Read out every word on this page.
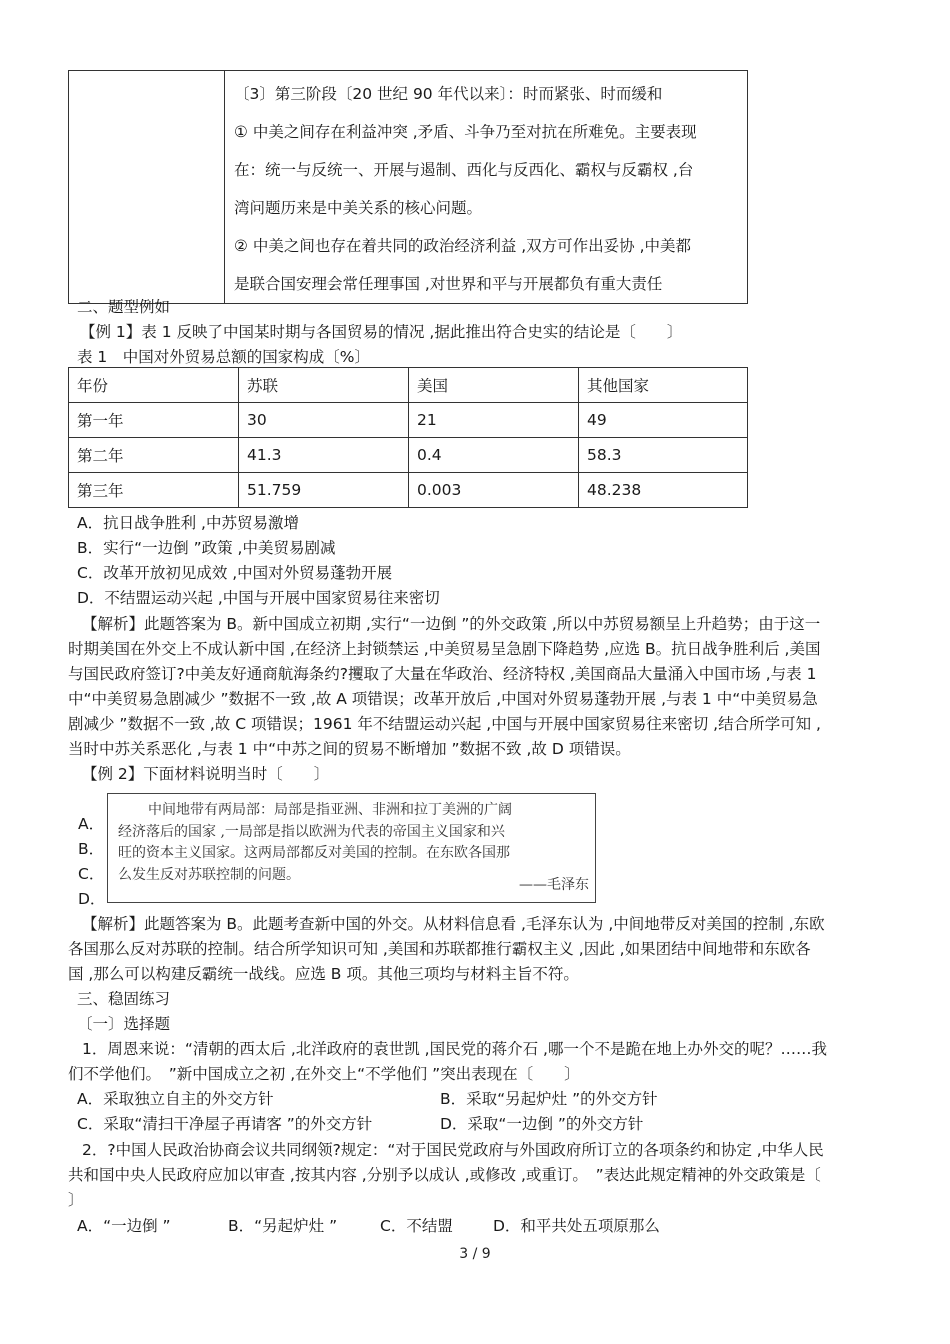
〔3〕第三阶段〔20 世纪 90 年代以来〕：时而紧张、时而缓和
① 中美之间存在利益冲突 ,矛盾、斗争乃至对抗在所难免。主要表现
在：统一与反统一、开展与遏制、西化与反西化、霸权与反霸权 ,台
湾问题历来是中美关系的核心问题。
② 中美之间也存在着共同的政治经济利益 ,双方可作出妥协 ,中美都
是联合国安理会常任理事国 ,对世界和平与开展都负有重大责任
二、题型例如
【例 1】表 1 反映了中国某时期与各国贸易的情况 ,据此推出符合史实的结论是〔　　〕
表 1　中国对外贸易总额的国家构成〔%〕
年份	苏联	美国	其他国家
第一年	30	21	49
第二年	41.3	0.4	58.3
第三年	51.759	0.003	48.238
A．抗日战争胜利 ,中苏贸易激增
B．实行“一边倒 ”政策 ,中美贸易剧减
C．改革开放初见成效 ,中国对外贸易蓬勃开展
D．不结盟运动兴起 ,中国与开展中国家贸易往来密切
【解析】此题答案为 B。新中国成立初期 ,实行“一边倒 ”的外交政策 ,所以中苏贸易额呈上升趋势；由于这一
时期美国在外交上不成认新中国 ,在经济上封锁禁运 ,中美贸易呈急剧下降趋势 ,应选 B。抗日战争胜利后 ,美国
与国民政府签订?中美友好通商航海条约?攫取了大量在华政治、经济特权 ,美国商品大量涌入中国市场 ,与表 1
中“中美贸易急剧减少 ”数据不一致 ,故 A 项错误；改革开放后 ,中国对外贸易蓬勃开展 ,与表 1 中“中美贸易急
剧减少 ”数据不一致 ,故 C 项错误；1961 年不结盟运动兴起 ,中国与开展中国家贸易往来密切 ,结合所学可知 ,
当时中苏关系恶化 ,与表 1 中“中苏之间的贸易不断增加 ”数据不致 ,故 D 项错误。
【例 2】下面材料说明当时〔　　〕
A．
B．
C．
D．
中间地带有两局部：局部是指亚洲、非洲和拉丁美洲的广阔
经济落后的国家 ,一局部是指以欧洲为代表的帝国主义国家和兴
旺的资本主义国家。这两局部都反对美国的控制。在东欧各国那
么发生反对苏联控制的问题。
——毛泽东
【解析】此题答案为 B。此题考查新中国的外交。从材料信息看 ,毛泽东认为 ,中间地带反对美国的控制 ,东欧
各国那么反对苏联的控制。结合所学知识可知 ,美国和苏联都推行霸权主义 ,因此 ,如果团结中间地带和东欧各
国 ,那么可以构建反霸统一战线。应选 B 项。其他三项均与材料主旨不符。
三、稳固练习
〔一〕选择题
1．周恩来说：“清朝的西太后 ,北洋政府的袁世凯 ,国民党的蒋介石 ,哪一个不是跪在地上办外交的呢？……我
们不学他们。　”新中国成立之初 ,在外交上“不学他们 ”突出表现在〔　　〕
A．采取独立自主的外交方针	B．采取“另起炉灶 ”的外交方针
C．采取“清扫干净屋子再请客 ”的外交方针	D．采取“一边倒 ”的外交方针
2．?中国人民政治协商会议共同纲领?规定：“对于国民党政府与外国政府所订立的各项条约和协定 ,中华人民
共和国中央人民政府应加以审查 ,按其内容 ,分别予以成认 ,或修改 ,或重订。　”表达此规定精神的外交政策是〔
〕
A．“一边倒 ”	B．“另起炉灶 ”	C．不结盟	D．和平共处五项原那么
3 / 9
